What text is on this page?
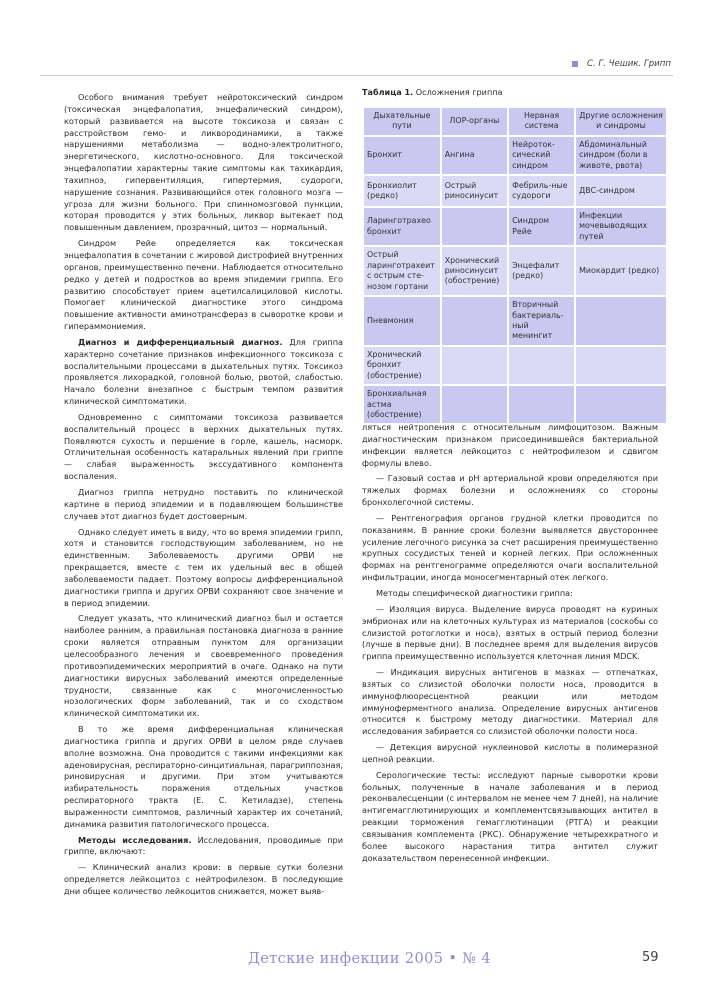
С. Г. Чешик. Грипп

Особого внимания требует нейротоксический синдром (токсическая энцефалопатия, энцефалический синдром), который развивается на высоте токсикоза и связан с расстройством гемо- и ликвородинамики, а также нарушениями метаболизма — водно-электролитного, энергетического, кислотно-основного. Для токсической энцефалопатии характерны такие симптомы как тахикардия, тахипноэ, гипервентиляция, гипертермия, судороги, нарушение сознания. Развивающийся отек головного мозга — угроза для жизни больного. При спинномозговой пункции, которая проводится у этих больных, ликвор вытекает под повышенным давлением, прозрачный, цитоз — нормальный.

Синдром Рейе определяется как токсическая энцефалопатия в сочетании с жировой дистрофией внутренних органов, преимущественно печени. Наблюдается относительно редко у детей и подростков во время эпидемии гриппа. Его развитию способствует прием ацетилсалициловой кислоты. Помогает клинической диагностике этого синдрома повышение активности аминотрансфераз в сыворотке крови и гипераммониемия.

Диагноз и дифференциальный диагноз. Для гриппа характерно сочетание признаков инфекционного токсикоза с воспалительными процессами в дыхательных путях. Токсикоз проявляется лихорадкой, головной болью, рвотой, слабостью. Начало болезни внезапное с быстрым темпом развития клинической симптоматики.

Одновременно с симптомами токсикоза развивается воспалительный процесс в верхних дыхательных путях. Появляются сухость и першение в горле, кашель, насморк. Отличительная особенность катаральных явлений при гриппе — слабая выраженность экссудативного компонента воспаления.

Диагноз гриппа нетрудно поставить по клинической картине в период эпидемии и в подавляющем большинстве случаев этот диагноз будет достоверным.

Однако следует иметь в виду, что во время эпидемии грипп, хотя и становится господствующим заболеванием, но не единственным. Заболеваемость другими ОРВИ не прекращается, вместе с тем их удельный вес в общей заболеваемости падает. Поэтому вопросы дифференциальной диагностики гриппа и других ОРВИ сохраняют свое значение и в период эпидемии.

Следует указать, что клинический диагноз был и остается наиболее ранним, а правильная постановка диагноза в ранние сроки является отправным пунктом для организации целесообразного лечения и своевременного проведения противоэпидемических мероприятий в очаге. Однако на пути диагностики вирусных заболеваний имеются определенные трудности, связанные как с многочисленностью нозологических форм заболеваний, так и со сходством клинической симптоматики их.

В то же время дифференциальная клиническая диагностика гриппа и других ОРВИ в целом ряде случаев вполне возможна. Она проводится с такими инфекциями как аденовирусная, респираторно-синцитиальная, парагриппозная, риновирусная и другими. При этом учитываются избирательность поражения отдельных участков респираторного тракта (Е. С. Кетиладзе), степень выраженности симптомов, различный характер их сочетаний, динамика развития патологического процесса.

Методы исследования. Исследования, проводимые при гриппе, включают:

— Клинический анализ крови: в первые сутки болезни определяется лейкоцитоз с нейтрофилезом. В последующие дни общее количество лейкоцитов снижается, может выяв-

Таблица 1. Осложнения гриппа
Дыхательные пути	ЛОР-органы	Нервная система	Другие осложнения и синдромы
Бронхит	Ангина	Нейроток-сический синдром	Абдоминальный синдром (боли в животе, рвота)
Бронхиолит (редко)	Острый риносинусит	Фебриль-ные судороги	ДВС-синдром
Ларинготрахео бронхит		Синдром Рейе	Инфекции мочевыводящих путей
Острый ларинготрахеит с острым сте-нозом гортани	Хронический риносинусит (обострение)	Энцефалит (редко)	Миокардит (редко)
Пневмония		Вторичный бактериаль-ный менингит	
Хронический бронхит (обострение)			
Бронхиальная астма (обострение)			

ляться нейтропения с относительным лимфоцитозом. Важным диагностическим признаком присоединившейся бактериальной инфекции является лейкоцитоз с нейтрофилезом и сдвигом формулы влево.

— Газовый состав и pH артериальной крови определяются при тяжелых формах болезни и осложнениях со стороны бронхолегочной системы.

— Рентгенография органов грудной клетки проводится по показаниям. В ранние сроки болезни выявляется двустороннее усиление легочного рисунка за счет расширения преимущественно крупных сосудистых теней и корней легких. При осложненных формах на рентгенограмме определяются очаги воспалительной инфильтрации, иногда моносегментарный отек легкого.

Методы специфической диагностики гриппа:

— Изоляция вируса. Выделение вируса проводят на куриных эмбрионах или на клеточных культурах из материалов (соскобы со слизистой ротоглотки и носа), взятых в острый период болезни (лучше в первые дни). В последнее время для выделения вирусов гриппа преимущественно используется клеточная линия MDCK.

— Индикация вирусных антигенов в мазках — отпечатках, взятых со слизистой оболочки полости носа, проводится в иммунофлюоресцентной реакции или методом иммуноферментного анализа. Определение вирусных антигенов относится к быстрому методу диагностики. Материал для исследования забирается со слизистой оболочки полости носа.

— Детекция вирусной нуклеиновой кислоты в полимеразной цепной реакции.

Серологические тесты: исследуют парные сыворотки крови больных, полученные в начале заболевания и в период реконвалесценции (с интервалом не менее чем 7 дней), на наличие антигемагглютинирующих и комплементсвязывающих антител в реакции торможения гемагглютинации (РТГА) и реакции связывания комплемента (РКС). Обнаружение четырехкратного и более высокого нарастания титра антител служит доказательством перенесенной инфекции.

Детские инфекции 2005 • № 4	59
